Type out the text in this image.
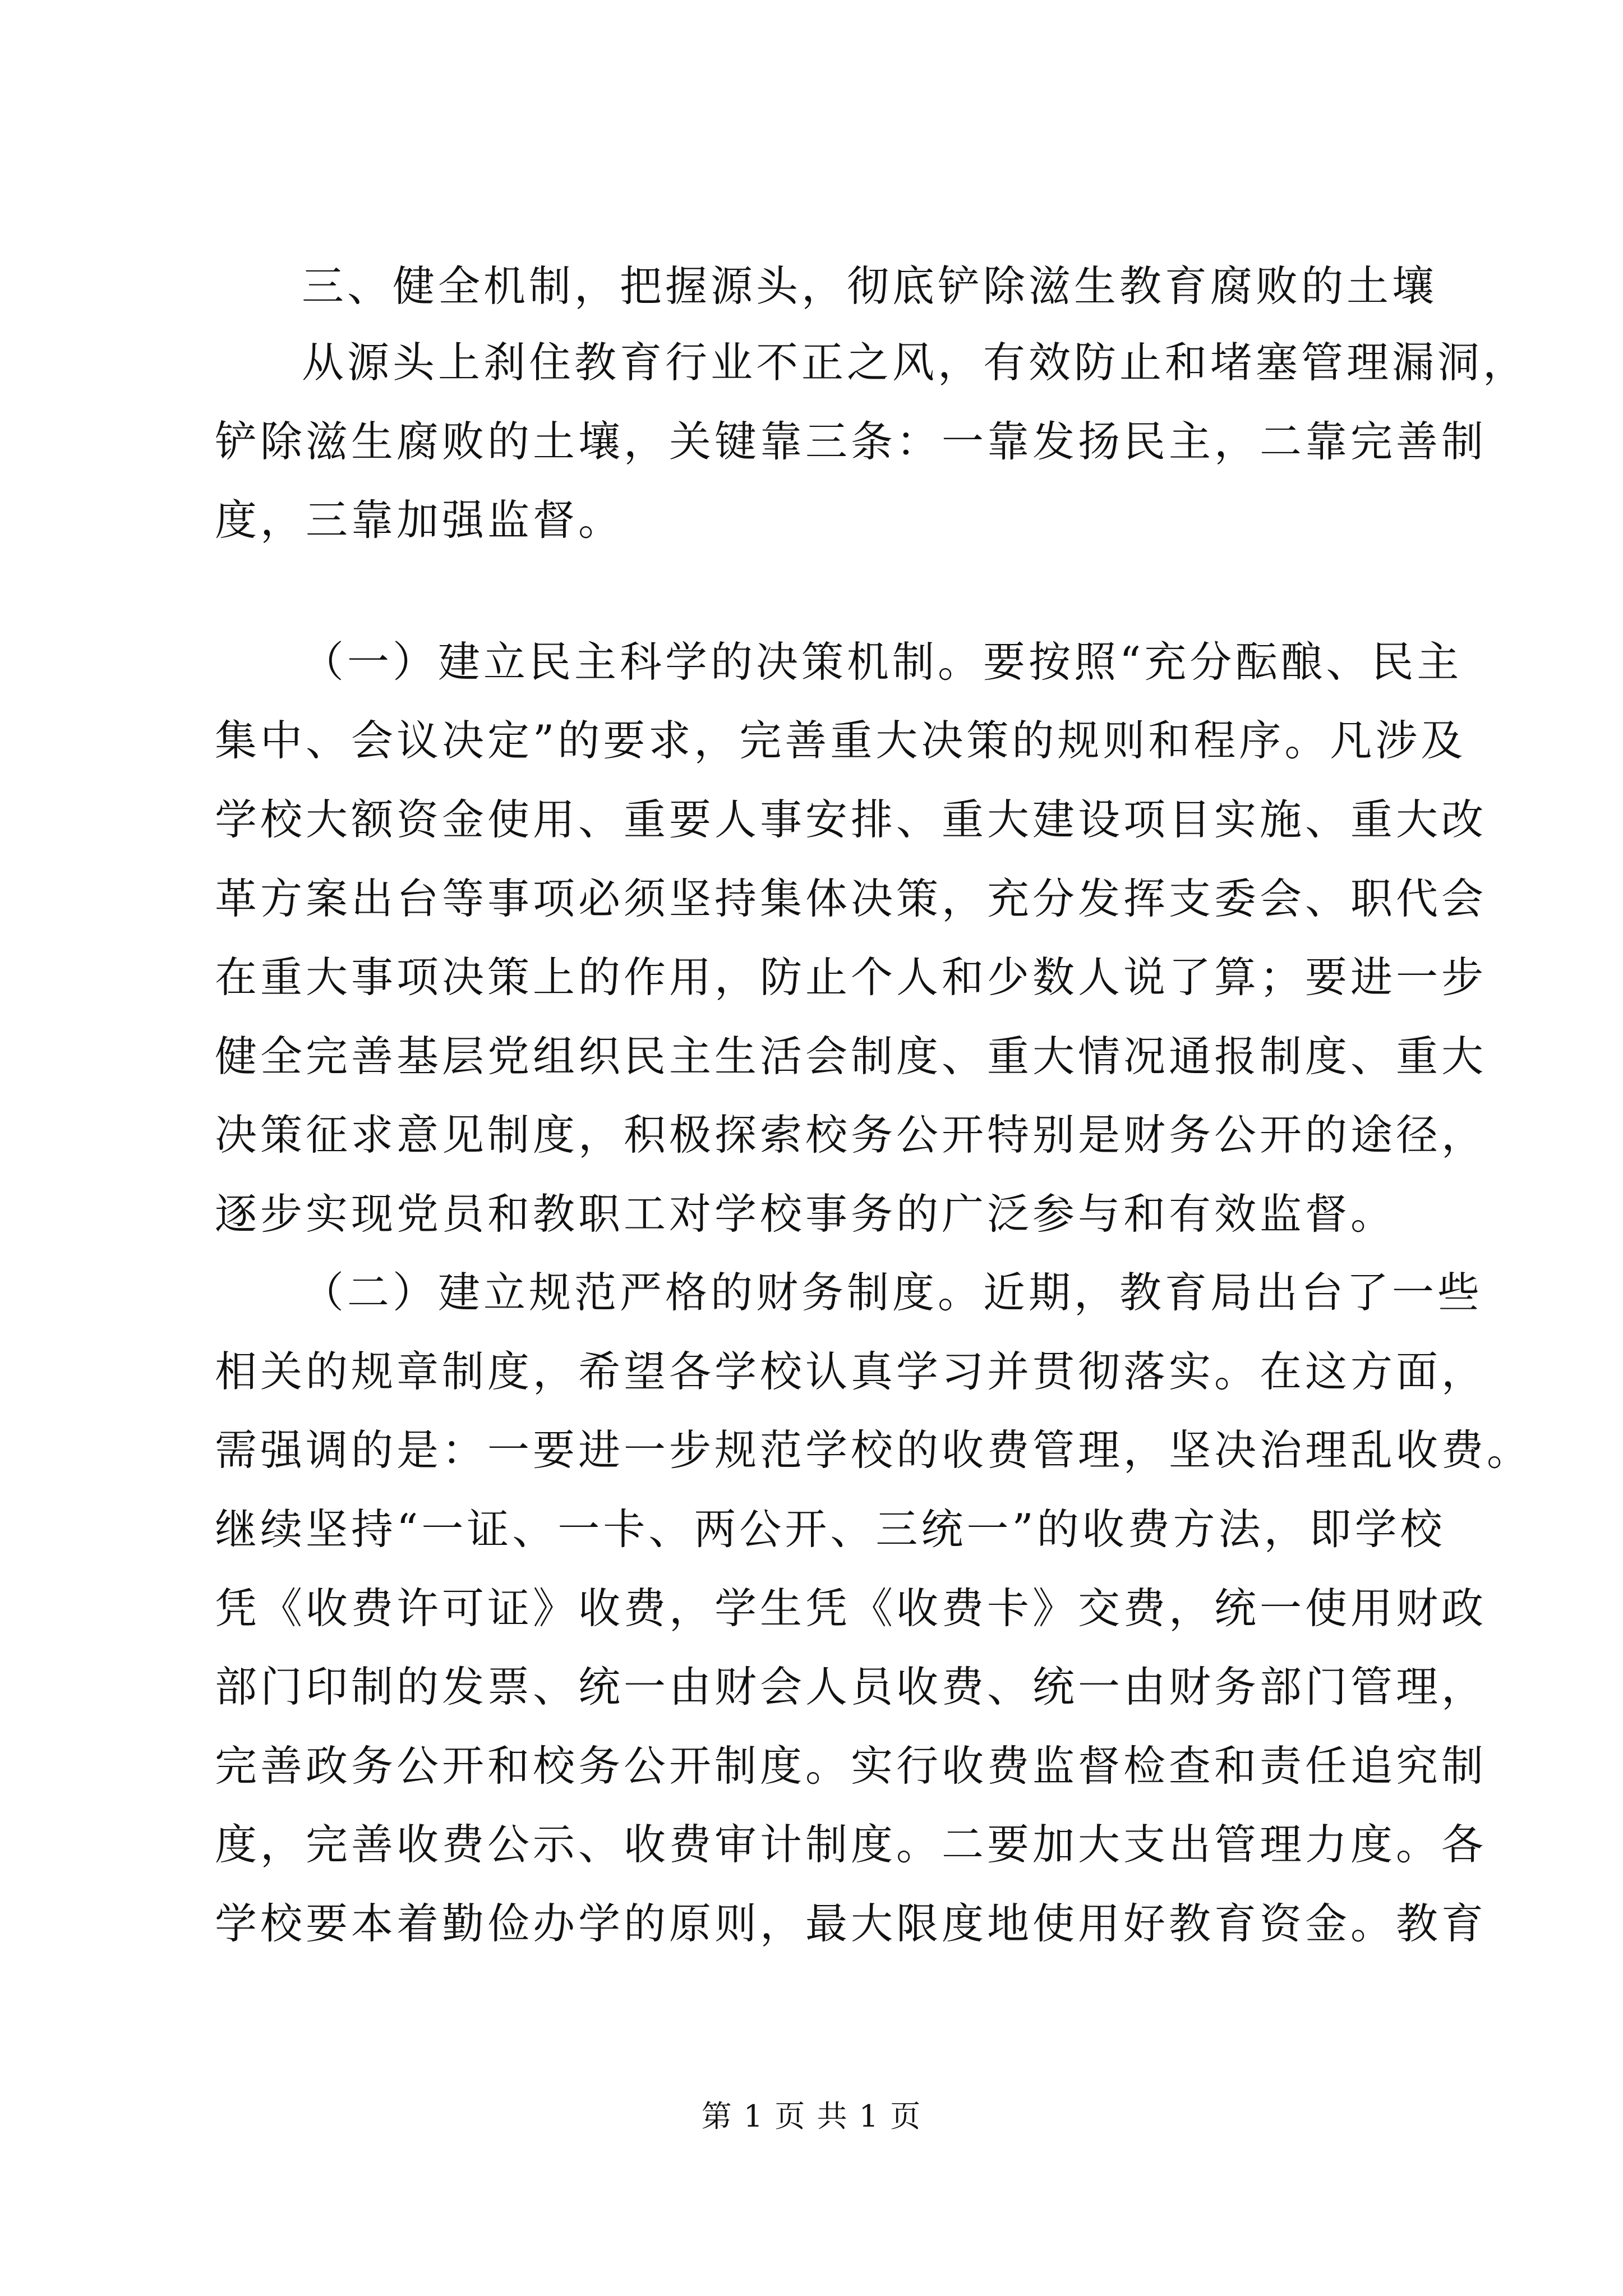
三、健全机制，把握源头，彻底铲除滋生教育腐败的土壤
从源头上刹住教育行业不正之风，有效防止和堵塞管理漏洞，
铲除滋生腐败的土壤，关键靠三条：一靠发扬民主，二靠完善制
度，三靠加强监督。
（一）建立民主科学的决策机制。要按照“充分酝酿、民主
集中、会议决定”的要求，完善重大决策的规则和程序。凡涉及
学校大额资金使用、重要人事安排、重大建设项目实施、重大改
革方案出台等事项必须坚持集体决策，充分发挥支委会、职代会
在重大事项决策上的作用，防止个人和少数人说了算；要进一步
健全完善基层党组织民主生活会制度、重大情况通报制度、重大
决策征求意见制度，积极探索校务公开特别是财务公开的途径，
逐步实现党员和教职工对学校事务的广泛参与和有效监督。
（二）建立规范严格的财务制度。近期，教育局出台了一些
相关的规章制度，希望各学校认真学习并贯彻落实。在这方面，
需强调的是：一要进一步规范学校的收费管理，坚决治理乱收费。
继续坚持“一证、一卡、两公开、三统一”的收费方法，即学校
凭《收费许可证》收费，学生凭《收费卡》交费，统一使用财政
部门印制的发票、统一由财会人员收费、统一由财务部门管理，
完善政务公开和校务公开制度。实行收费监督检查和责任追究制
度，完善收费公示、收费审计制度。二要加大支出管理力度。各
学校要本着勤俭办学的原则，最大限度地使用好教育资金。教育
第 1 页 共 1 页
